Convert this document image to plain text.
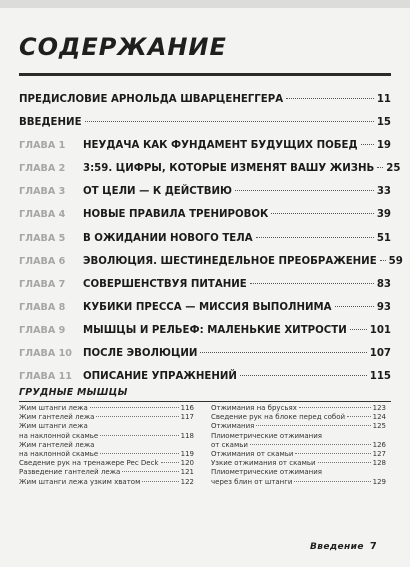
СОДЕРЖАНИЕ
ПРЕДИСЛОВИЕ АРНОЛЬДА ШВАРЦЕНЕГГЕРА	11
ВВЕДЕНИЕ	15
ГЛАВА 1	НЕУДАЧА КАК ФУНДАМЕНТ БУДУЩИХ ПОБЕД 19
ГЛАВА 2	3:59. ЦИФРЫ, КОТОРЫЕ ИЗМЕНЯТ ВАШУ ЖИЗНЬ 25
ГЛАВА 3	ОТ ЦЕЛИ — К ДЕЙСТВИЮ	33
ГЛАВА 4	НОВЫЕ ПРАВИЛА ТРЕНИРОВОК	39
ГЛАВА 5	В ОЖИДАНИИ НОВОГО ТЕЛА	51
ГЛАВА 6	ЭВОЛЮЦИЯ. ШЕСТИНЕДЕЛЬНОЕ ПРЕОБРАЖЕНИЕ 59
ГЛАВА 7	СОВЕРШЕНСТВУЯ ПИТАНИЕ	83
ГЛАВА 8	КУБИКИ ПРЕССА — МИССИЯ ВЫПОЛНИМА	93
ГЛАВА 9	МЫШЦЫ И РЕЛЬЕФ: МАЛЕНЬКИЕ ХИТРОСТИ 101
ГЛАВА 10	ПОСЛЕ ЭВОЛЮЦИИ	107
ГЛАВА 11	ОПИСАНИЕ УПРАЖНЕНИЙ	115
ГРУДНЫЕ МЫШЦЫ
Жим штанги лежа	116
Жим гантелей лежа	117
Жим штанги лежа
на наклонной скамье	118
Жим гантелей лежа
на наклонной скамье	119
Сведение рук на тренажере Pec Deck	120
Разведение гантелей лежа	121
Жим штанги лежа узким хватом	122
Отжимания на брусьях	123
Сведение рук на блоке перед собой	124
Отжимания	125
Плиометрические отжимания
от скамьи	126
Отжимания от скамьи	127
Узкие отжимания от скамьи	128
Плиометрические отжимания
через блин от штанги	129
Введение 7
